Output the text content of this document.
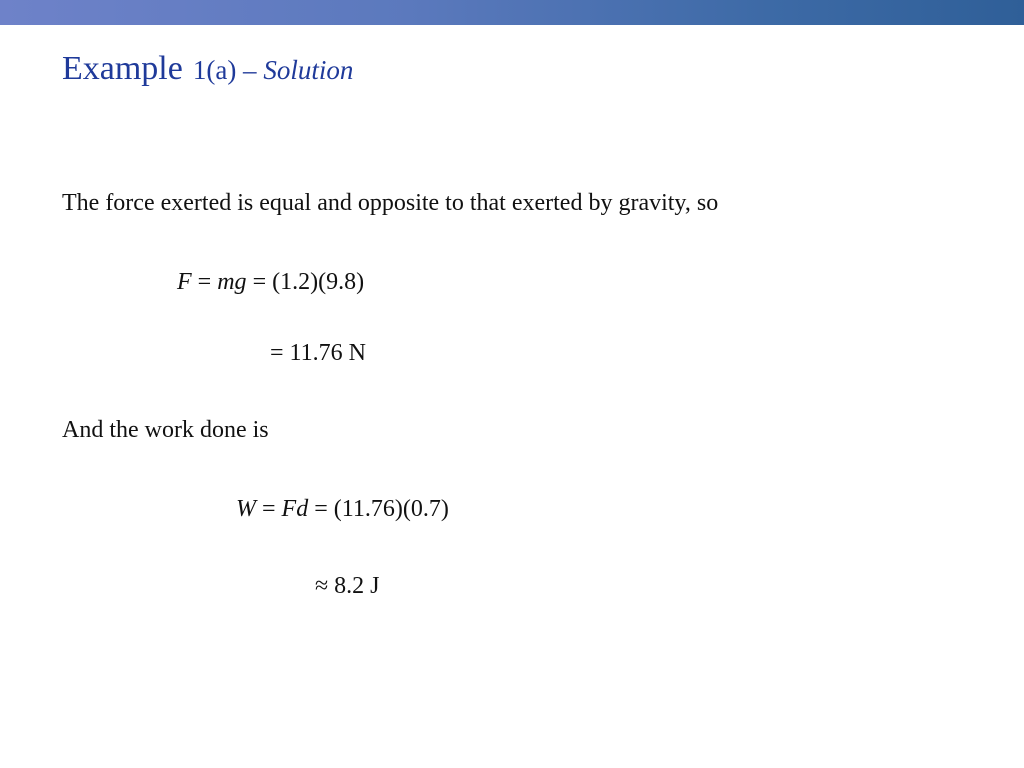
Example 1(a) – Solution
The force exerted is equal and opposite to that exerted by gravity, so
F = mg = (1.2)(9.8)
= 11.76 N
And the work done is
W = Fd = (11.76)(0.7)
≈ 8.2 J
